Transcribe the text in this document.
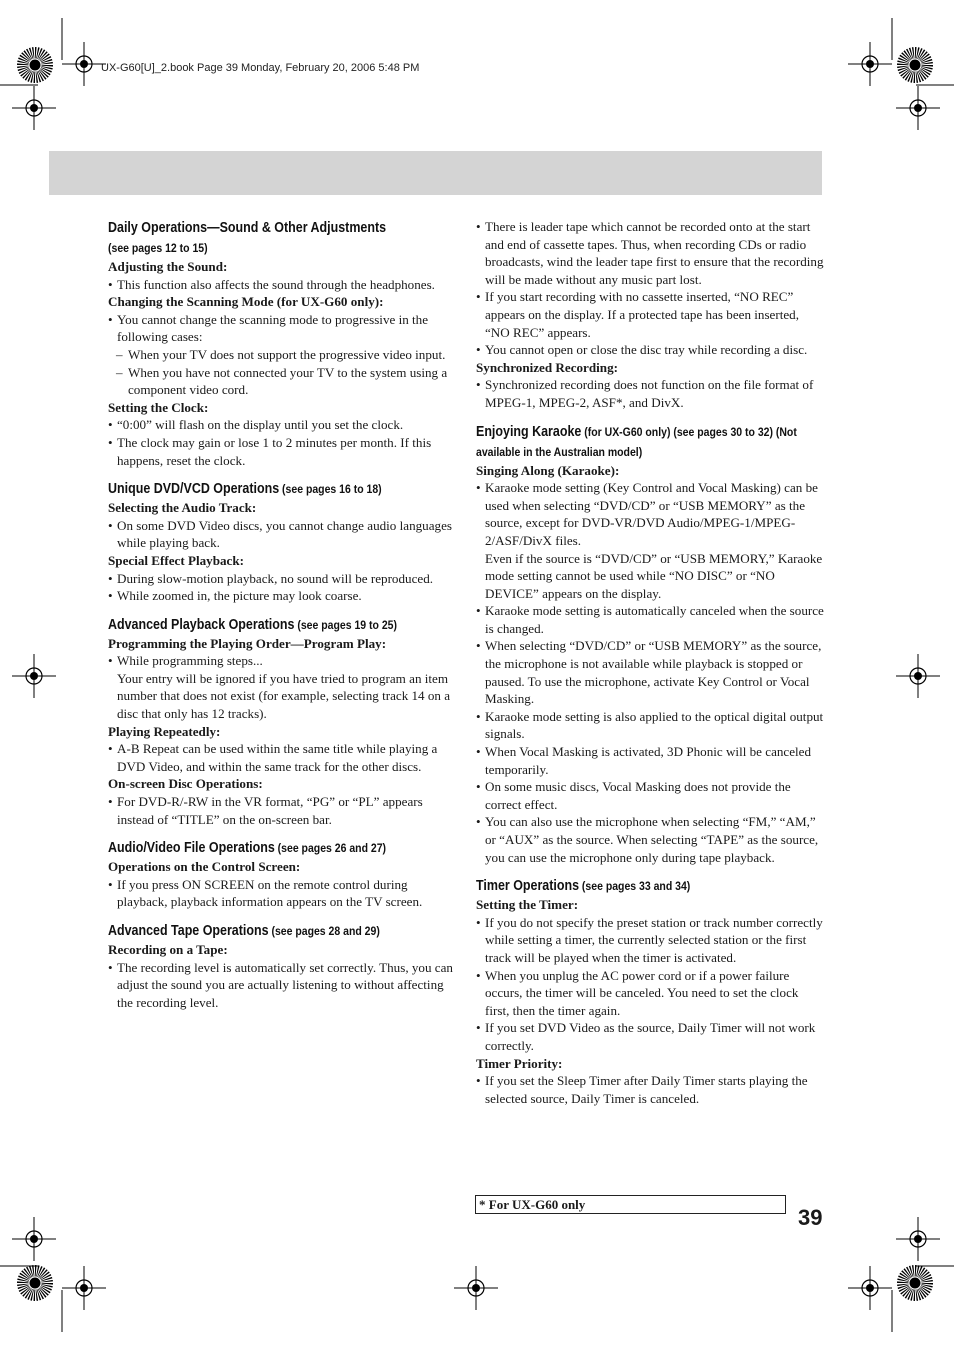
UX-G60[U]_2.book Page 39 Monday, February 20, 2006 5:48 PM

Daily Operations—Sound & Other Adjustments

(see pages 12 to 15)

Adjusting the Sound:

• This function also affects the sound through the headphones.

Changing the Scanning Mode (for UX-G60 only):

• You cannot change the scanning mode to progressive in the following cases:

– When your TV does not support the progressive video input.

– When you have not connected your TV to the system using a component video cord.

Setting the Clock:

• “0:00” will flash on the display until you set the clock.

• The clock may gain or lose 1 to 2 minutes per month. If this happens, reset the clock.

Unique DVD/VCD Operations (see pages 16 to 18)

Selecting the Audio Track:

• On some DVD Video discs, you cannot change audio languages while playing back.

Special Effect Playback:

• During slow-motion playback, no sound will be reproduced.

• While zoomed in, the picture may look coarse.

Advanced Playback Operations (see pages 19 to 25)

Programming the Playing Order—Program Play:

• While programming steps...

Your entry will be ignored if you have tried to program an item number that does not exist (for example, selecting track 14 on a disc that only has 12 tracks).

Playing Repeatedly:

• A-B Repeat can be used within the same title while playing a DVD Video, and within the same track for the other discs.

On-screen Disc Operations:

• For DVD-R/-RW in the VR format, “PG” or “PL” appears instead of “TITLE” on the on-screen bar.

Audio/Video File Operations (see pages 26 and 27)

Operations on the Control Screen:

• If you press ON SCREEN on the remote control during playback, playback information appears on the TV screen.

Advanced Tape Operations (see pages 28 and 29)

Recording on a Tape:

• The recording level is automatically set correctly. Thus, you can adjust the sound you are actually listening to without affecting the recording level.

• There is leader tape which cannot be recorded onto at the start and end of cassette tapes. Thus, when recording CDs or radio broadcasts, wind the leader tape first to ensure that the recording will be made without any music part lost.

• If you start recording with no cassette inserted, “NO REC” appears on the display. If a protected tape has been inserted, “NO REC” appears.

• You cannot open or close the disc tray while recording a disc.

Synchronized Recording:

• Synchronized recording does not function on the file format of MPEG-1, MPEG-2, ASF*, and DivX.

Enjoying Karaoke (for UX-G60 only) (see pages 30 to 32) (Not available in the Australian model)

Singing Along (Karaoke):

• Karaoke mode setting (Key Control and Vocal Masking) can be used when selecting “DVD/CD” or “USB MEMORY” as the source, except for DVD-VR/DVD Audio/MPEG-1/MPEG-2/ASF/DivX files.

Even if the source is “DVD/CD” or “USB MEMORY,” Karaoke mode setting cannot be used while “NO DISC” or “NO DEVICE” appears on the display.

• Karaoke mode setting is automatically canceled when the source is changed.

• When selecting “DVD/CD” or “USB MEMORY” as the source, the microphone is not available while playback is stopped or paused. To use the microphone, activate Key Control or Vocal Masking.

• Karaoke mode setting is also applied to the optical digital output signals.

• When Vocal Masking is activated, 3D Phonic will be canceled temporarily.

• On some music discs, Vocal Masking does not provide the correct effect.

• You can also use the microphone when selecting “FM,” “AM,” or “AUX” as the source. When selecting “TAPE” as the source, you can use the microphone only during tape playback.

Timer Operations (see pages 33 and 34)

Setting the Timer:

• If you do not specify the preset station or track number correctly while setting a timer, the currently selected station or the first track will be played when the timer is activated.

• When you unplug the AC power cord or if a power failure occurs, the timer will be canceled. You need to set the clock first, then the timer again.

• If you set DVD Video as the source, Daily Timer will not work correctly.

Timer Priority:

• If you set the Sleep Timer after Daily Timer starts playing the selected source, Daily Timer is canceled.

* For UX-G60 only
39
